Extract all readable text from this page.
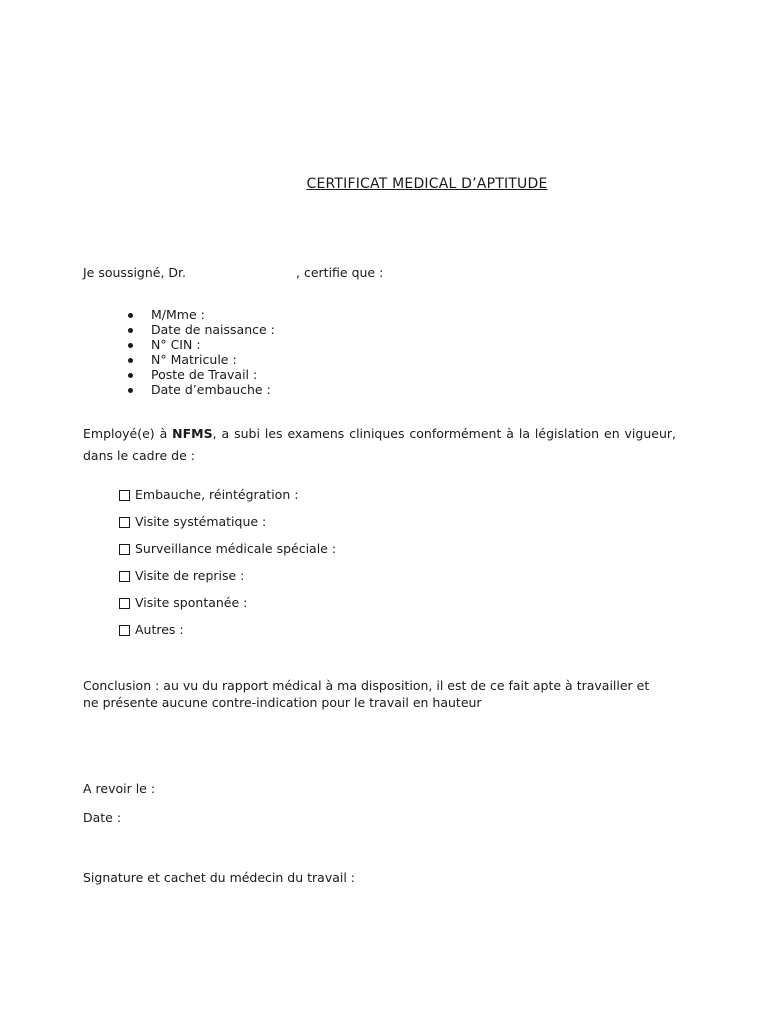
CERTIFICAT MEDICAL D’APTITUDE
Je soussigné, Dr.	, certifie que :
M/Mme :
Date de naissance :
N° CIN :
N° Matricule :
Poste de Travail :
Date d’embauche :
Employé(e) à NFMS, a subi les examens cliniques conformément à la législation en vigueur, dans le cadre de :
Embauche, réintégration :
Visite systématique :
Surveillance médicale spéciale :
Visite de reprise :
Visite spontanée :
Autres :
Conclusion : au vu du rapport médical à ma disposition, il est de ce fait apte à travailler et
ne présente aucune contre-indication pour le travail en hauteur
A revoir le :
Date :
Signature et cachet du médecin du travail :
